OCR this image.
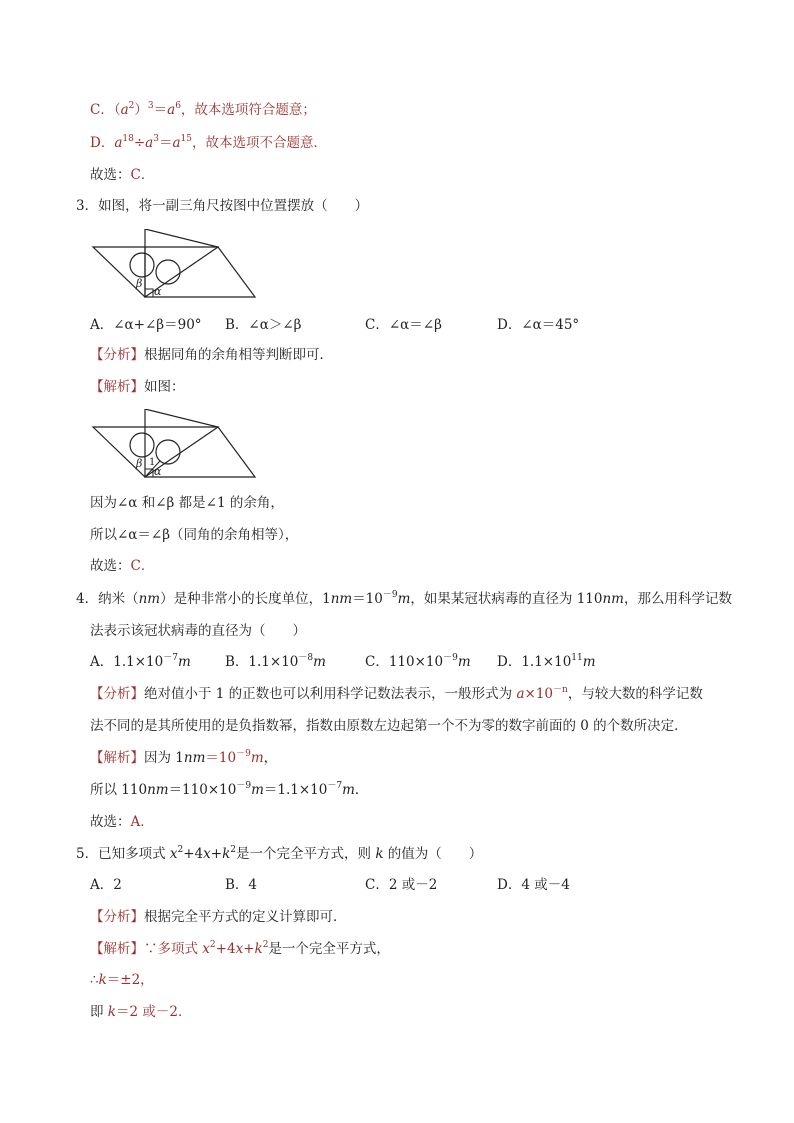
C．$(a^2)^3=a^6$，故本选项符合题意；
D．$a^{18}\div a^3=a^{15}$，故本选项不合题意．
故选：C．
3．如图，将一副三角尺按图中位置摆放（　　）
β
α
A．∠α+∠β＝90° B．∠α＞∠β	C．∠α＝∠β	D．∠α＝45°
【分析】根据同角的余角相等判断即可．
【解析】如图：
β 1
α
因为∠α 和∠β 都是∠1 的余角，
所以∠α＝∠β（同角的余角相等），
故选：C．
4．纳米（nm）是种非常小的长度单位，$1nm=10^{-9}m$，如果某冠状病毒的直径为 110nm，那么用科学记数
法表示该冠状病毒的直径为（　　）
A．$1.1\times 10^{-7}m$	B．$1.1\times 10^{-8}m$	C．$110\times 10^{-9}m$ D．$1.1\times 10^{11}m$
【分析】绝对值小于 1 的正数也可以利用科学记数法表示，一般形式为 $a\times 10^{-n}$，与较大数的科学记数
法不同的是其所使用的是负指数幂，指数由原数左边起第一个不为零的数字前面的 0 的个数所决定．
【解析】因为 $1nm=10^{-9}m$，
所以 $110nm=110\times 10^{-9}m=1.1\times 10^{-7}m$．
故选：A．
5．已知多项式 $x^2+4x+k^2$是一个完全平方式，则 k 的值为（　　）
A．2	B．4	C．2 或－2	D．4 或－4
【分析】根据完全平方式的定义计算即可．
【解析】∵多项式 $x^2+4x+k^2$是一个完全平方式，
∴k＝±2，
即 k＝2 或－2．
